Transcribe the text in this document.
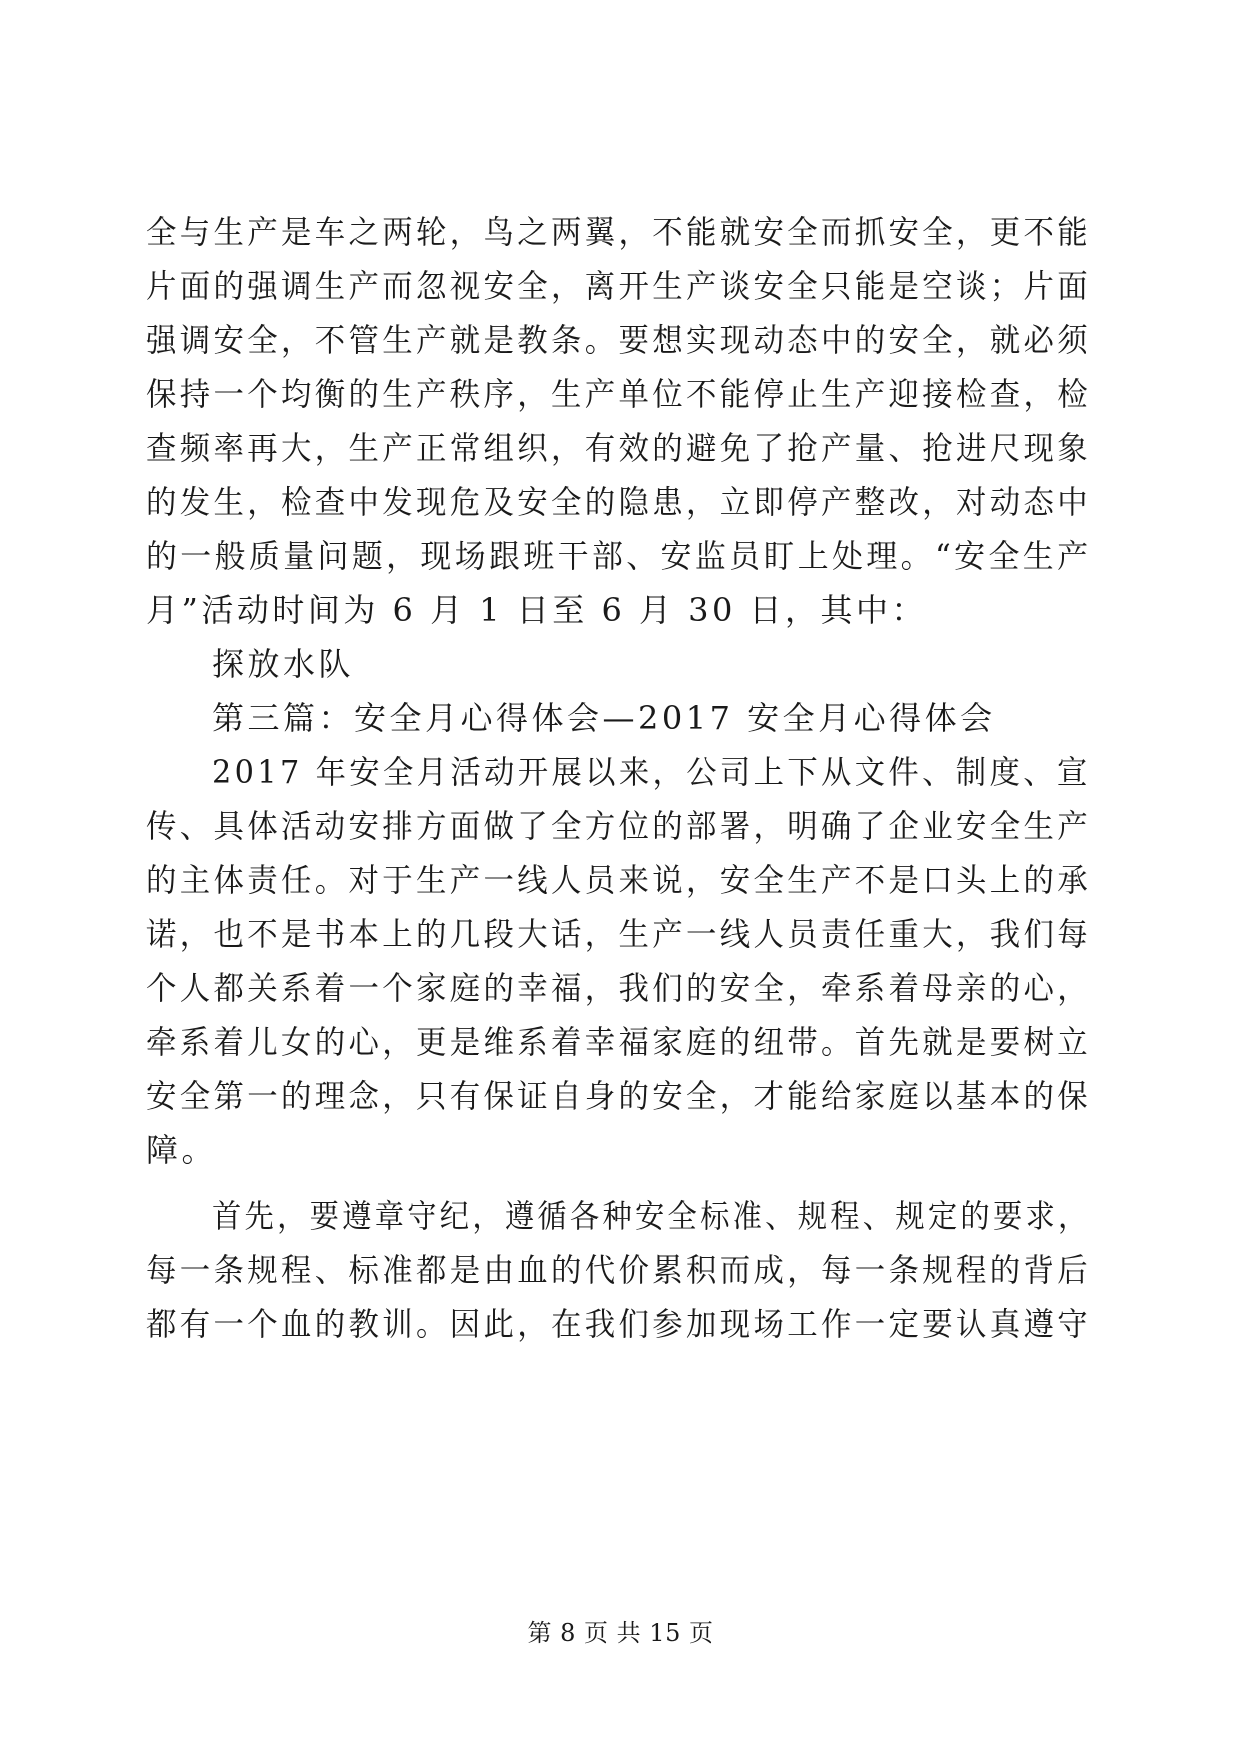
全与生产是车之两轮，鸟之两翼，不能就安全而抓安全，更不能
片面的强调生产而忽视安全，离开生产谈安全只能是空谈；片面
强调安全，不管生产就是教条。要想实现动态中的安全，就必须
保持一个均衡的生产秩序，生产单位不能停止生产迎接检查，检
查频率再大，生产正常组织，有效的避免了抢产量、抢进尺现象
的发生，检查中发现危及安全的隐患，立即停产整改，对动态中
的一般质量问题，现场跟班干部、安监员盯上处理。“安全生产
月”活动时间为 6 月 1 日至 6 月 30 日，其中：
探放水队
第三篇：安全月心得体会—2017 安全月心得体会
2017 年安全月活动开展以来，公司上下从文件、制度、宣
传、具体活动安排方面做了全方位的部署，明确了企业安全生产
的主体责任。对于生产一线人员来说，安全生产不是口头上的承
诺，也不是书本上的几段大话，生产一线人员责任重大，我们每
个人都关系着一个家庭的幸福，我们的安全，牵系着母亲的心，
牵系着儿女的心，更是维系着幸福家庭的纽带。首先就是要树立
安全第一的理念，只有保证自身的安全，才能给家庭以基本的保
障。
首先，要遵章守纪，遵循各种安全标准、规程、规定的要求，
每一条规程、标准都是由血的代价累积而成，每一条规程的背后
都有一个血的教训。因此，在我们参加现场工作一定要认真遵守
第 8 页 共 15 页
